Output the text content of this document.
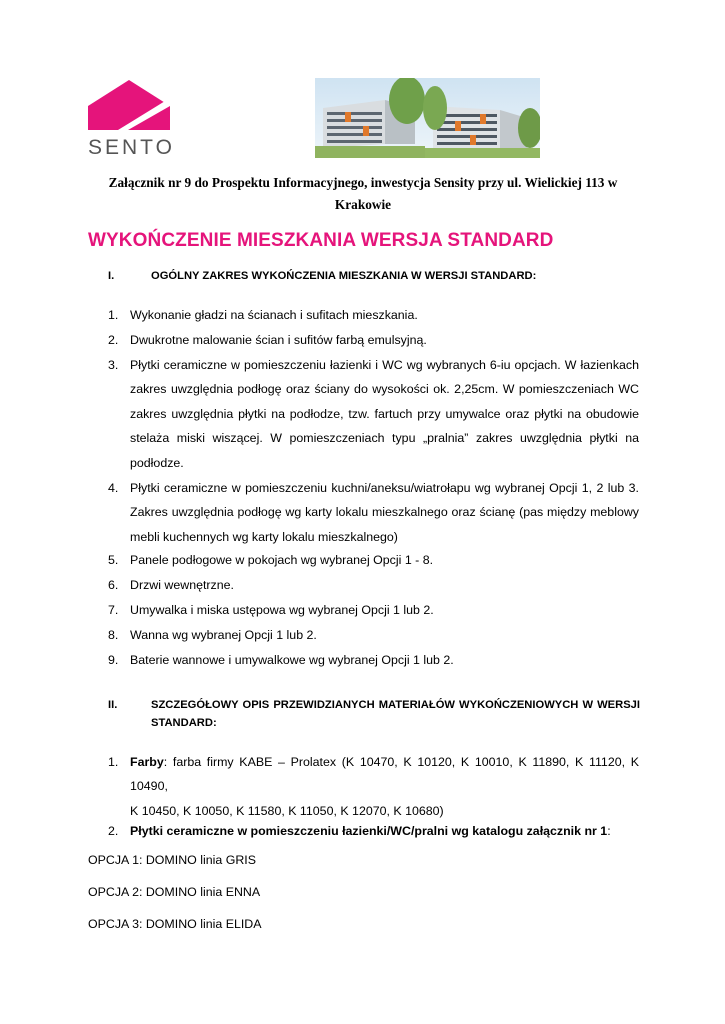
SENTO
Załącznik nr 9 do Prospektu Informacyjnego, inwestycja Sensity przy ul. Wielickiej 113 w
Krakowie
WYKOŃCZENIE MIESZKANIA WERSJA STANDARD
I.	OGÓLNY ZAKRES WYKOŃCZENIA MIESZKANIA W WERSJI STANDARD:
1. Wykonanie gładzi na ścianach i sufitach mieszkania.
2. Dwukrotne malowanie ścian i sufitów farbą emulsyjną.
3. Płytki ceramiczne w pomieszczeniu łazienki i WC wg wybranych 6-iu opcjach. W łazienkach
zakres uwzględnia podłogę oraz ściany do wysokości ok. 2,25cm. W pomieszczeniach WC
zakres uwzględnia płytki na podłodze, tzw. fartuch przy umywalce oraz płytki na obudowie
stelaża miski wiszącej. W pomieszczeniach typu „pralnia” zakres uwzględnia płytki na
podłodze.
4. Płytki ceramiczne w pomieszczeniu kuchni/aneksu/wiatrołapu wg wybranej Opcji 1, 2 lub 3.
Zakres uwzględnia podłogę wg karty lokalu mieszkalnego oraz ścianę (pas między meblowy
mebli kuchennych wg karty lokalu mieszkalnego)
5. Panele podłogowe w pokojach wg wybranej Opcji 1 - 8.
6. Drzwi wewnętrzne.
7. Umywalka i miska ustępowa wg wybranej Opcji 1 lub 2.
8. Wanna wg wybranej Opcji 1 lub 2.
9. Baterie wannowe i umywalkowe wg wybranej Opcji 1 lub 2.
II.	SZCZEGÓŁOWY OPIS PRZEWIDZIANYCH MATERIAŁÓW WYKOŃCZENIOWYCH W WERSJI
STANDARD:
1. Farby: farba firmy KABE – Prolatex (K 10470, K 10120, K 10010, K 11890, K 11120, K 10490,
K 10450, K 10050, K 11580, K 11050, K 12070, K 10680)
2. Płytki ceramiczne w pomieszczeniu łazienki/WC/pralni wg katalogu załącznik nr 1:
OPCJA 1: DOMINO linia GRIS
OPCJA 2: DOMINO linia ENNA
OPCJA 3: DOMINO linia ELIDA
